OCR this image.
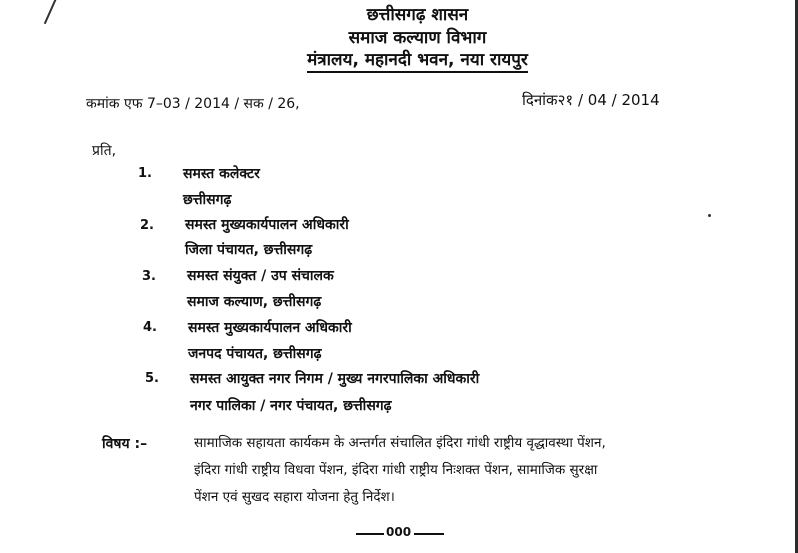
छत्तीसगढ़ शासन
समाज कल्याण विभाग
मंत्रालय, महानदी भवन, नया रायपुर
कमांक एफ 7–03 / 2014 / सक / 26,	दिनांक२१ / 04 / 2014
प्रति,
1. समस्त कलेक्टर
छत्तीसगढ़
2. समस्त मुख्यकार्यपालन अधिकारी
जिला पंचायत, छत्तीसगढ़
3. समस्त संयुक्त / उप संचालक
समाज कल्याण, छत्तीसगढ़
4. समस्त मुख्यकार्यपालन अधिकारी
जनपद पंचायत, छत्तीसगढ़
5. समस्त आयुक्त नगर निगम / मुख्य नगरपालिका अधिकारी
नगर पालिका / नगर पंचायत, छत्तीसगढ़
विषय :–	सामाजिक सहायता कार्यकम के अन्तर्गत संचालित इंदिरा गांधी राष्ट्रीय वृद्धावस्था पेंशन,
इंदिरा गांधी राष्ट्रीय विधवा पेंशन, इंदिरा गांधी राष्ट्रीय निःशक्त पेंशन, सामाजिक सुरक्षा
पेंशन एवं सुखद सहारा योजना हेतु निर्देश।
000
